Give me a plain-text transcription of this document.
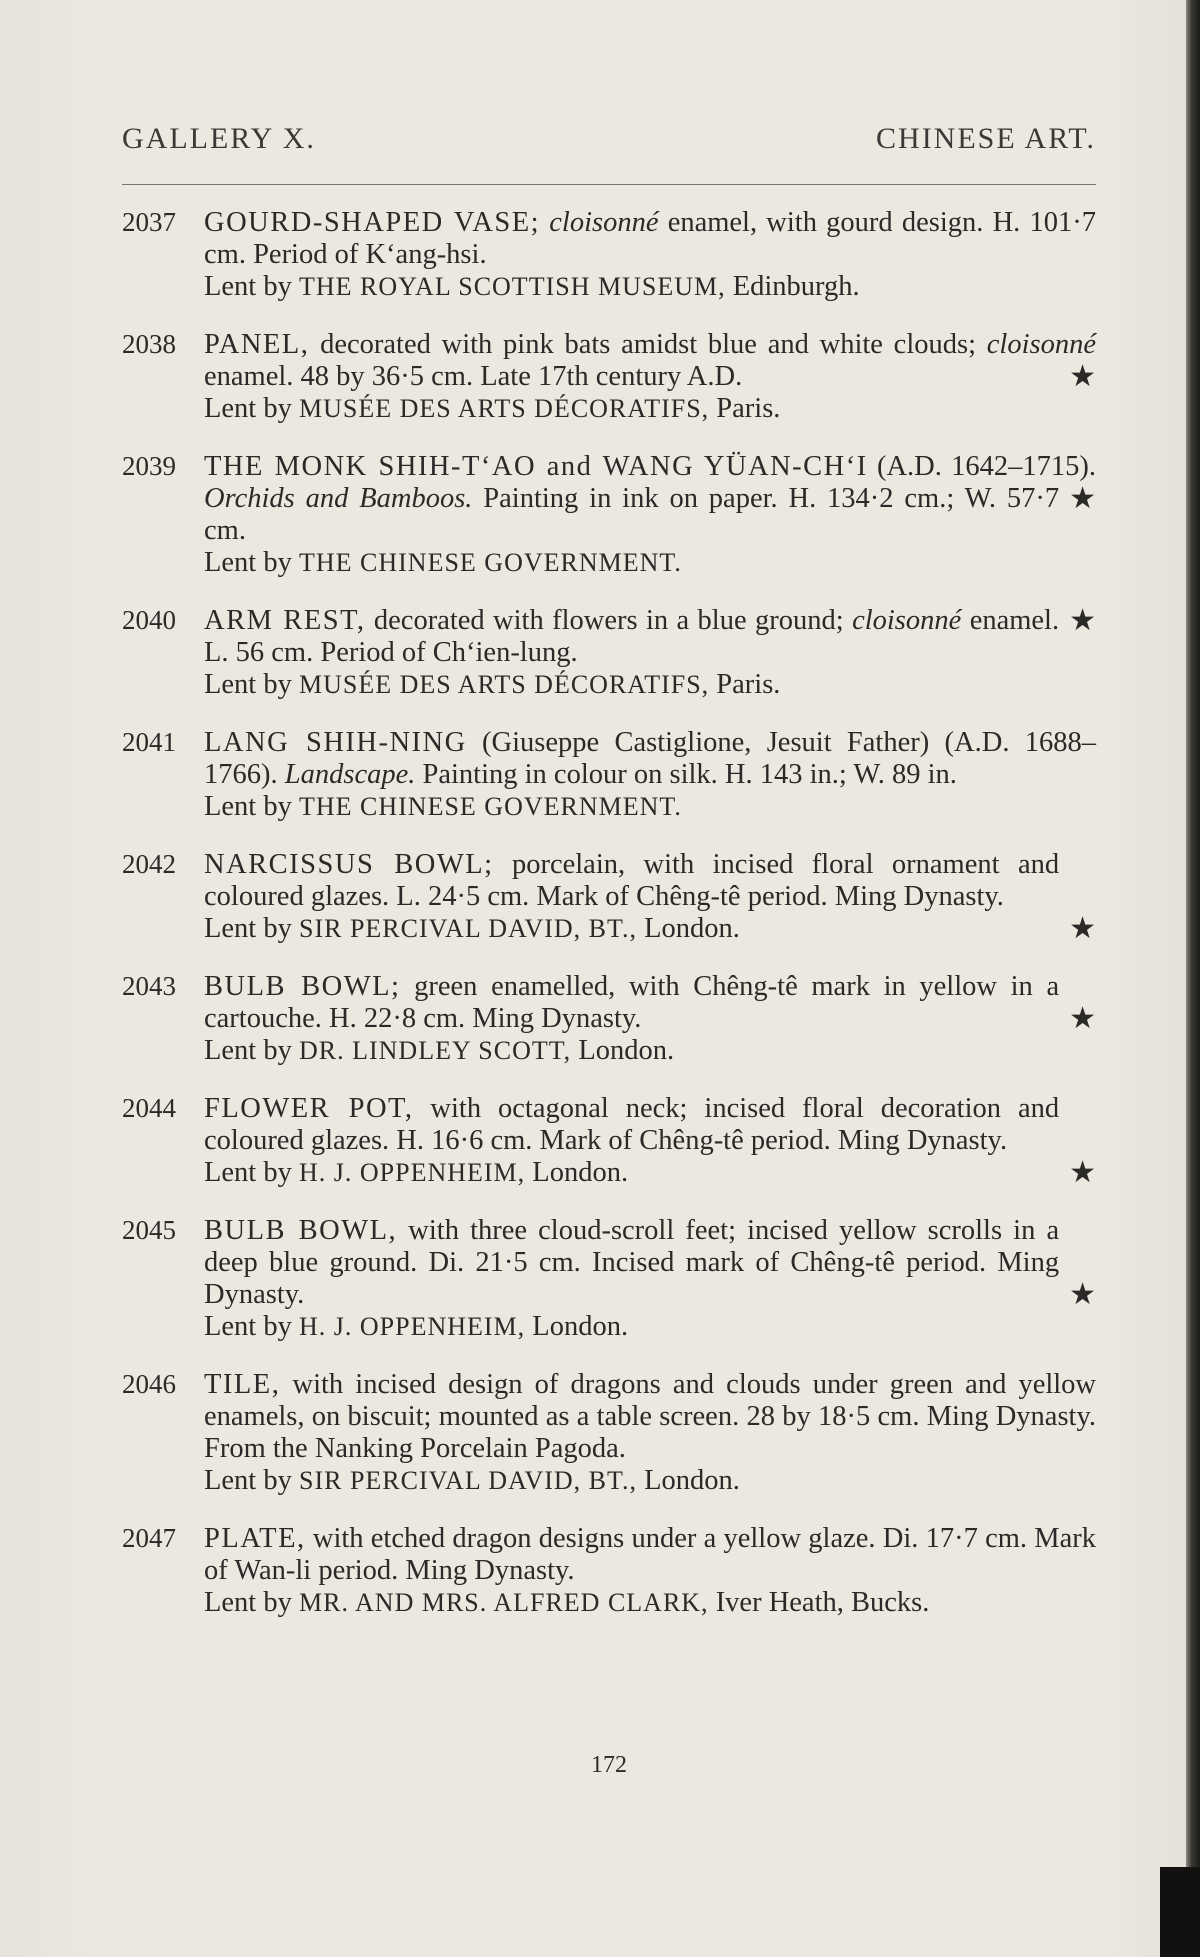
GALLERY X.	CHINESE ART.
2037 GOURD-SHAPED VASE; cloisonné enamel, with gourd design. H. 101·7 cm. Period of K‘ang-hsi.
Lent by THE ROYAL SCOTTISH MUSEUM, Edinburgh.
2038 PANEL, decorated with pink bats amidst blue and white clouds; cloisonné
★
enamel. 48 by 36·5 cm. Late 17th century A.D.
Lent by MUSÉE DES ARTS DÉCORATIFS, Paris.
2039 THE MONK SHIH-T‘AO and WANG YÜAN-CH‘I (A.D. 1642–1715). Orchids and Bamboos.	★
Painting in ink on paper. H. 134·2 cm.; W. 57·7 cm.
Lent by THE CHINESE GOVERNMENT.
2040 ARM REST, decorated with flowers in a blue ground; cloisonné	★
enamel. L. 56 cm. Period of Ch‘ien-lung.
Lent by MUSÉE DES ARTS DÉCORATIFS, Paris.
2041 LANG SHIH-NING (Giuseppe Castiglione, Jesuit Father) (A.D. 1688–1766). Landscape. Painting in colour on silk. H. 143 in.; W. 89 in.
Lent by THE CHINESE GOVERNMENT.
2042 NARCISSUS BOWL;
★
porcelain, with incised floral ornament and coloured glazes. L. 24·5 cm. Mark of Chêng-tê period. Ming Dynasty.
Lent by SIR PERCIVAL DAVID, BT., London.
2043 BULB BOWL;
★
green enamelled, with Chêng-tê mark in yellow in a cartouche. H. 22·8 cm. Ming Dynasty.
Lent by DR. LINDLEY SCOTT, London.
2044 FLOWER POT,
★
with octagonal neck; incised floral decoration and coloured glazes. H. 16·6 cm. Mark of Chêng-tê period. Ming Dynasty.
Lent by H. J. OPPENHEIM, London.
2045 BULB BOWL,
★
with three cloud-scroll feet; incised yellow scrolls in a deep blue ground. Di. 21·5 cm. Incised mark of Chêng-tê period. Ming Dynasty.
Lent by H. J. OPPENHEIM, London.
2046 TILE, with incised design of dragons and clouds under green and yellow enamels, on biscuit; mounted as a table screen. 28 by 18·5 cm. Ming Dynasty. From the Nanking Porcelain Pagoda.
Lent by SIR PERCIVAL DAVID, BT., London.
2047 PLATE, with etched dragon designs under a yellow glaze. Di. 17·7 cm. Mark of Wan-li period. Ming Dynasty.
Lent by MR. AND MRS. ALFRED CLARK, Iver Heath, Bucks.
172
